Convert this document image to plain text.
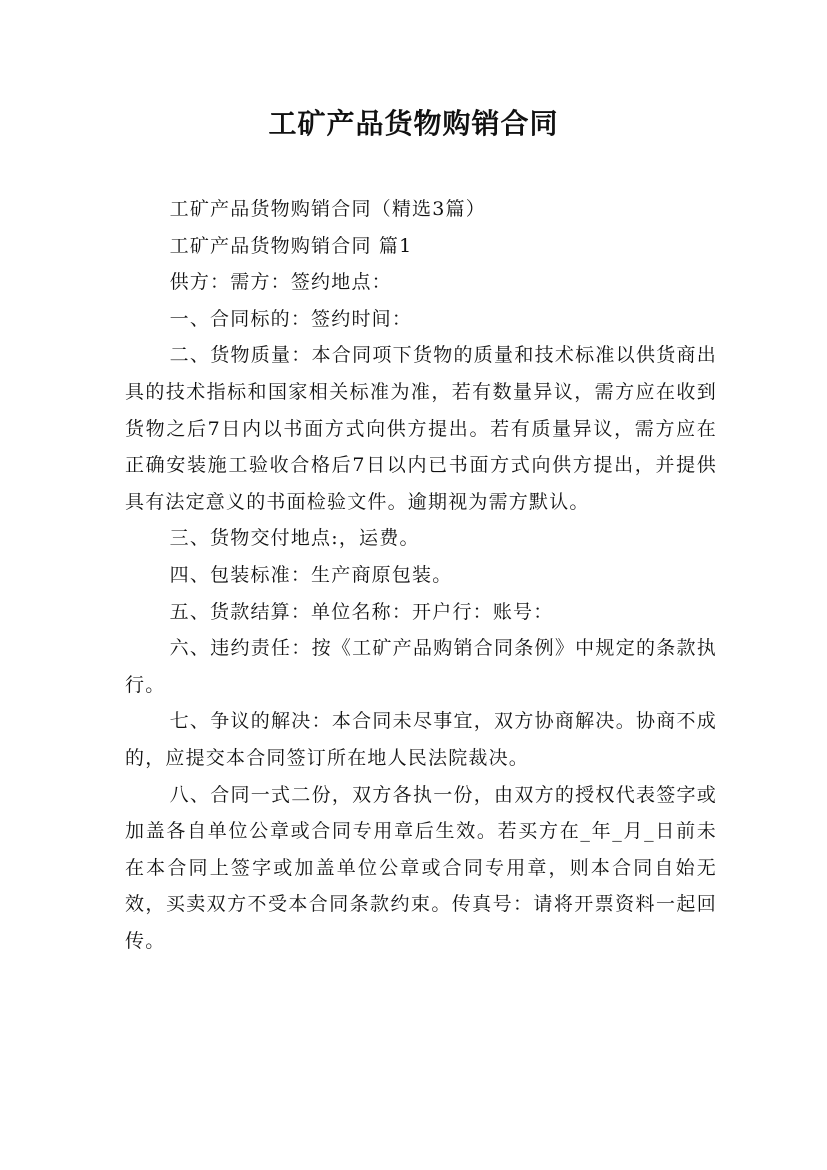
工矿产品货物购销合同

工矿产品货物购销合同（精选3篇）

工矿产品货物购销合同 篇1

供方：需方：签约地点：

一、合同标的：签约时间：

二、货物质量：本合同项下货物的质量和技术标准以供货商出具的技术指标和国家相关标准为准，若有数量异议，需方应在收到货物之后7日内以书面方式向供方提出。若有质量异议，需方应在正确安装施工验收合格后7日以内已书面方式向供方提出，并提供具有法定意义的书面检验文件。逾期视为需方默认。

三、货物交付地点:，运费。

四、包装标准：生产商原包装。

五、货款结算：单位名称：开户行：账号：

六、违约责任：按《工矿产品购销合同条例》中规定的条款执行。

七、争议的解决：本合同未尽事宜，双方协商解决。协商不成的，应提交本合同签订所在地人民法院裁决。

八、合同一式二份，双方各执一份，由双方的授权代表签字或加盖各自单位公章或合同专用章后生效。若买方在_年_月_日前未在本合同上签字或加盖单位公章或合同专用章，则本合同自始无效，买卖双方不受本合同条款约束。传真号：请将开票资料一起回传。
